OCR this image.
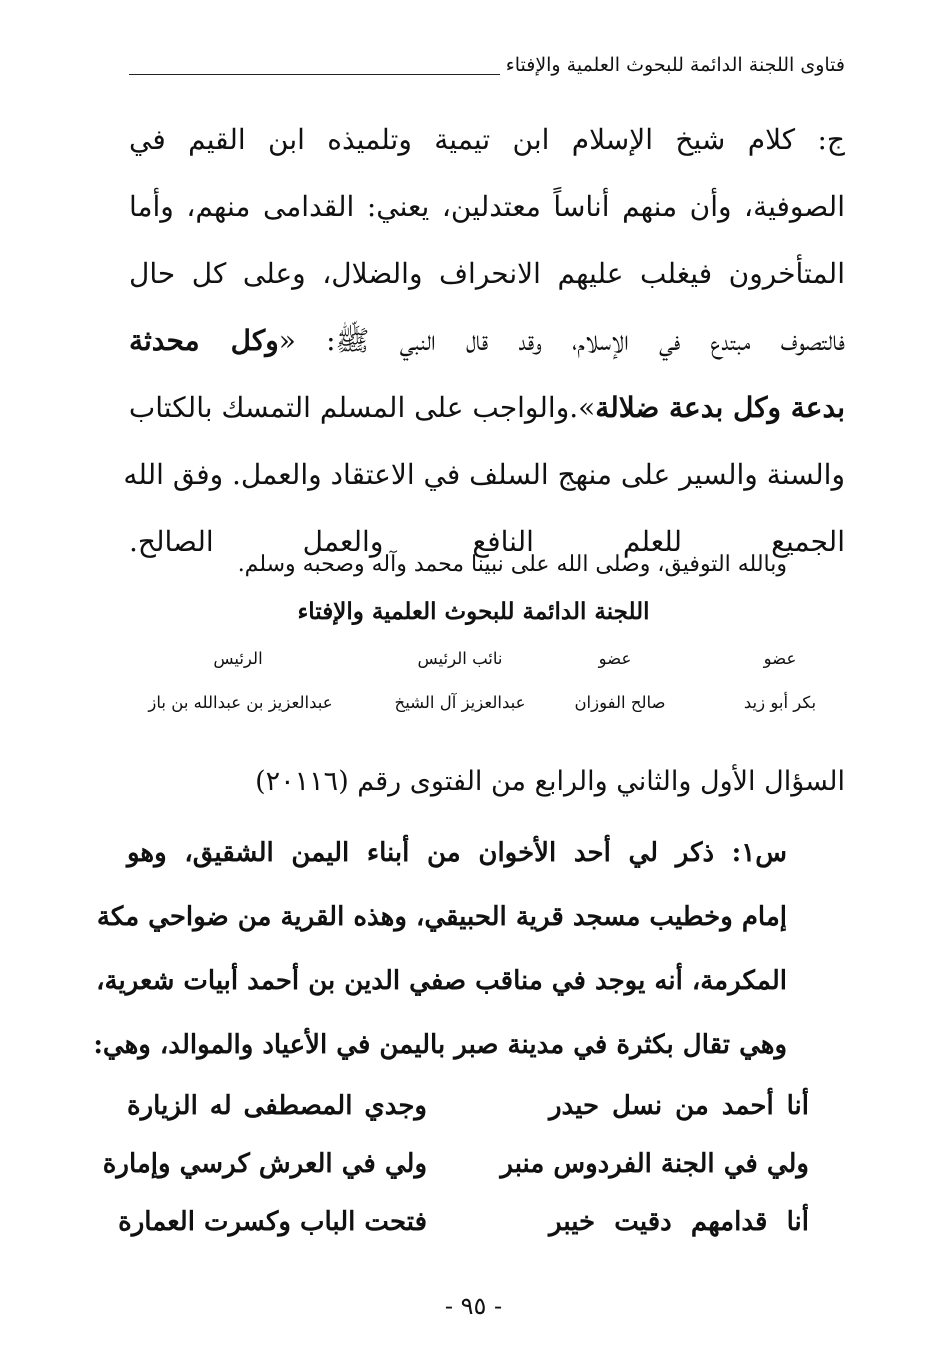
فتاوى اللجنة الدائمة للبحوث العلمية والإفتاء
ج: كلام شيخ الإسلام ابن تيمية وتلميذه ابن القيم في
الصوفية، وأن منهم أناساً معتدلين، يعني: القدامى منهم، وأما
المتأخرون فيغلب عليهم الانحراف والضلال، وعلى كل حال
فالتصوف مبتدع في الإسلام، وقد قال النبي ﷺ: «وكل محدثة
بدعة وكل بدعة ضلالة».والواجب على المسلم التمسك بالكتاب
والسنة والسير على منهج السلف في الاعتقاد والعمل. وفق الله
الجميع للعلم النافع والعمل الصالح.
وبالله التوفيق، وصلى الله على نبينا محمد وآله وصحبه وسلم.
اللجنة الدائمة للبحوث العلمية والإفتاء
الرئيس
عبدالعزيز بن عبدالله بن باز
نائب الرئيس
عبدالعزيز آل الشيخ
عضو
صالح الفوزان
عضو
بكر أبو زيد
السؤال الأول والثاني والرابع من الفتوى رقم (٢٠١١٦)
س١: ذكر لي أحد الأخوان من أبناء اليمن الشقيق، وهو
إمام وخطيب مسجد قرية الحبيقي، وهذه القرية من ضواحي مكة
المكرمة، أنه يوجد في مناقب صفي الدين بن أحمد أبيات شعرية،
وهي تقال بكثرة في مدينة صبر باليمن في الأعياد والموالد، وهي:
أنا أحمد من نسل حيدر
وجدي المصطفى له الزيارة
ولي في الجنة الفردوس منبر
ولي في العرش كرسي وإمارة
أنا قدامهم دقيت خيبر
فتحت الباب وكسرت العمارة
- ٩٥ -
